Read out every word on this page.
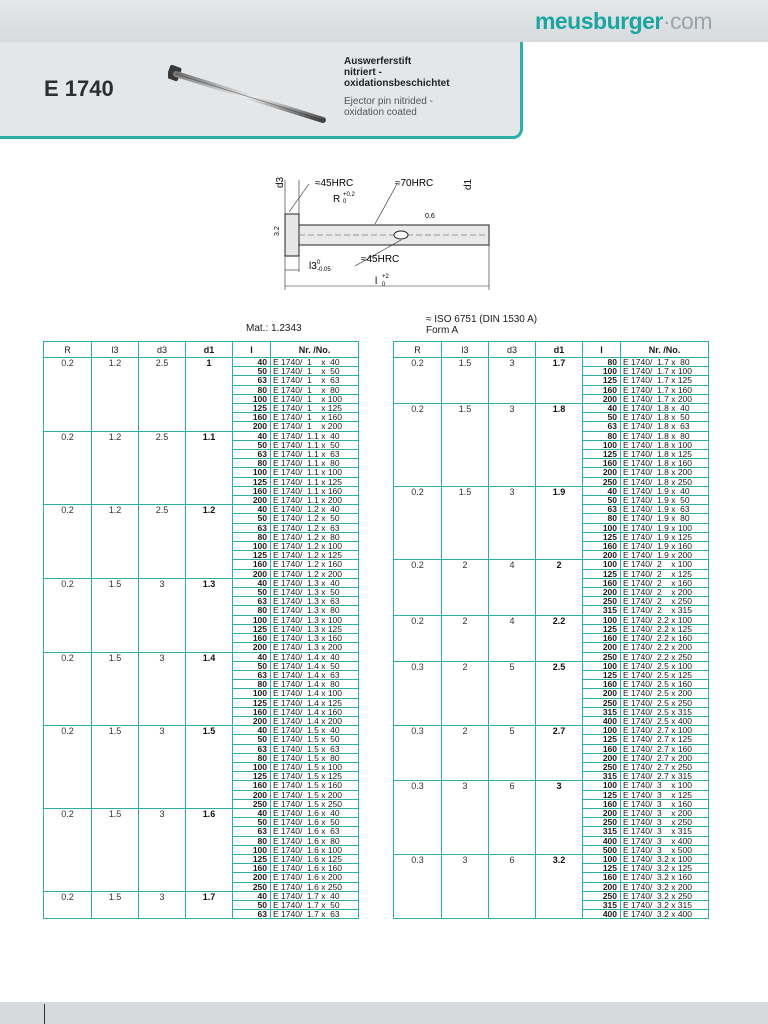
meusburger·com
E 1740
Auswerferstift
nitriert -
oxidationsbeschichtet
Ejector pin nitrided -
oxidation coated
d3	≈45HRC	≈70HRC
R +0.2
0
d1
0.6
3.2
≈45HRC
l3 0
-0.05
l +2
0
≈ ISO 6751 (DIN 1530 A)
Form A
Mat.: 1.2343
R	l3	d3	d1	l	Nr. /No.
0.2	1.2	2.5	1	40	E 1740/  1    x  40
				50	E 1740/  1    x  50
				63	E 1740/  1    x  63
				80	E 1740/  1    x  80
				100	E 1740/  1    x 100
				125	E 1740/  1    x 125
				160	E 1740/  1    x 160
				200	E 1740/  1    x 200
0.2	1.2	2.5	1.1	40	E 1740/  1.1 x  40
				50	E 1740/  1.1 x  50
				63	E 1740/  1.1 x  63
				80	E 1740/  1.1 x  80
				100	E 1740/  1.1 x 100
				125	E 1740/  1.1 x 125
				160	E 1740/  1.1 x 160
				200	E 1740/  1.1 x 200
0.2	1.2	2.5	1.2	40	E 1740/  1.2 x  40
				50	E 1740/  1.2 x  50
				63	E 1740/  1.2 x  63
				80	E 1740/  1.2 x  80
				100	E 1740/  1.2 x 100
				125	E 1740/  1.2 x 125
				160	E 1740/  1.2 x 160
				200	E 1740/  1.2 x 200
0.2	1.5	3	1.3	40	E 1740/  1.3 x  40
				50	E 1740/  1.3 x  50
				63	E 1740/  1.3 x  63
				80	E 1740/  1.3 x  80
				100	E 1740/  1.3 x 100
				125	E 1740/  1.3 x 125
				160	E 1740/  1.3 x 160
				200	E 1740/  1.3 x 200
0.2	1.5	3	1.4	40	E 1740/  1.4 x  40
				50	E 1740/  1.4 x  50
				63	E 1740/  1.4 x  63
				80	E 1740/  1.4 x  80
				100	E 1740/  1.4 x 100
				125	E 1740/  1.4 x 125
				160	E 1740/  1.4 x 160
				200	E 1740/  1.4 x 200
0.2	1.5	3	1.5	40	E 1740/  1.5 x  40
				50	E 1740/  1.5 x  50
				63	E 1740/  1.5 x  63
				80	E 1740/  1.5 x  80
				100	E 1740/  1.5 x 100
				125	E 1740/  1.5 x 125
				160	E 1740/  1.5 x 160
				200	E 1740/  1.5 x 200
				250	E 1740/  1.5 x 250
0.2	1.5	3	1.6	40	E 1740/  1.6 x  40
				50	E 1740/  1.6 x  50
				63	E 1740/  1.6 x  63
				80	E 1740/  1.6 x  80
				100	E 1740/  1.6 x 100
				125	E 1740/  1.6 x 125
				160	E 1740/  1.6 x 160
				200	E 1740/  1.6 x 200
				250	E 1740/  1.6 x 250
0.2	1.5	3	1.7	40	E 1740/  1.7 x  40
				50	E 1740/  1.7 x  50
				63	E 1740/  1.7 x  63
R	l3	d3	d1	l	Nr. /No.
0.2	1.5	3	1.7	80	E 1740/  1.7 x  80
				100	E 1740/  1.7 x 100
				125	E 1740/  1.7 x 125
				160	E 1740/  1.7 x 160
				200	E 1740/  1.7 x 200
0.2	1.5	3	1.8	40	E 1740/  1.8 x  40
				50	E 1740/  1.8 x  50
				63	E 1740/  1.8 x  63
				80	E 1740/  1.8 x  80
				100	E 1740/  1.8 x 100
				125	E 1740/  1.8 x 125
				160	E 1740/  1.8 x 160
				200	E 1740/  1.8 x 200
				250	E 1740/  1.8 x 250
0.2	1.5	3	1.9	40	E 1740/  1.9 x  40
				50	E 1740/  1.9 x  50
				63	E 1740/  1.9 x  63
				80	E 1740/  1.9 x  80
				100	E 1740/  1.9 x 100
				125	E 1740/  1.9 x 125
				160	E 1740/  1.9 x 160
				200	E 1740/  1.9 x 200
0.2	2	4	2	100	E 1740/  2    x 100
				125	E 1740/  2    x 125
				160	E 1740/  2    x 160
				200	E 1740/  2    x 200
				250	E 1740/  2    x 250
				315	E 1740/  2    x 315
0.2	2	4	2.2	100	E 1740/  2.2 x 100
				125	E 1740/  2.2 x 125
				160	E 1740/  2.2 x 160
				200	E 1740/  2.2 x 200
				250	E 1740/  2.2 x 250
0.3	2	5	2.5	100	E 1740/  2.5 x 100
				125	E 1740/  2.5 x 125
				160	E 1740/  2.5 x 160
				200	E 1740/  2.5 x 200
				250	E 1740/  2.5 x 250
				315	E 1740/  2.5 x 315
				400	E 1740/  2.5 x 400
0.3	2	5	2.7	100	E 1740/  2.7 x 100
				125	E 1740/  2.7 x 125
				160	E 1740/  2.7 x 160
				200	E 1740/  2.7 x 200
				250	E 1740/  2.7 x 250
				315	E 1740/  2.7 x 315
0.3	3	6	3	100	E 1740/  3    x 100
				125	E 1740/  3    x 125
				160	E 1740/  3    x 160
				200	E 1740/  3    x 200
				250	E 1740/  3    x 250
				315	E 1740/  3    x 315
				400	E 1740/  3    x 400
				500	E 1740/  3    x 500
0.3	3	6	3.2	100	E 1740/  3.2 x 100
				125	E 1740/  3.2 x 125
				160	E 1740/  3.2 x 160
				200	E 1740/  3.2 x 200
				250	E 1740/  3.2 x 250
				315	E 1740/  3.2 x 315
				400	E 1740/  3.2 x 400
